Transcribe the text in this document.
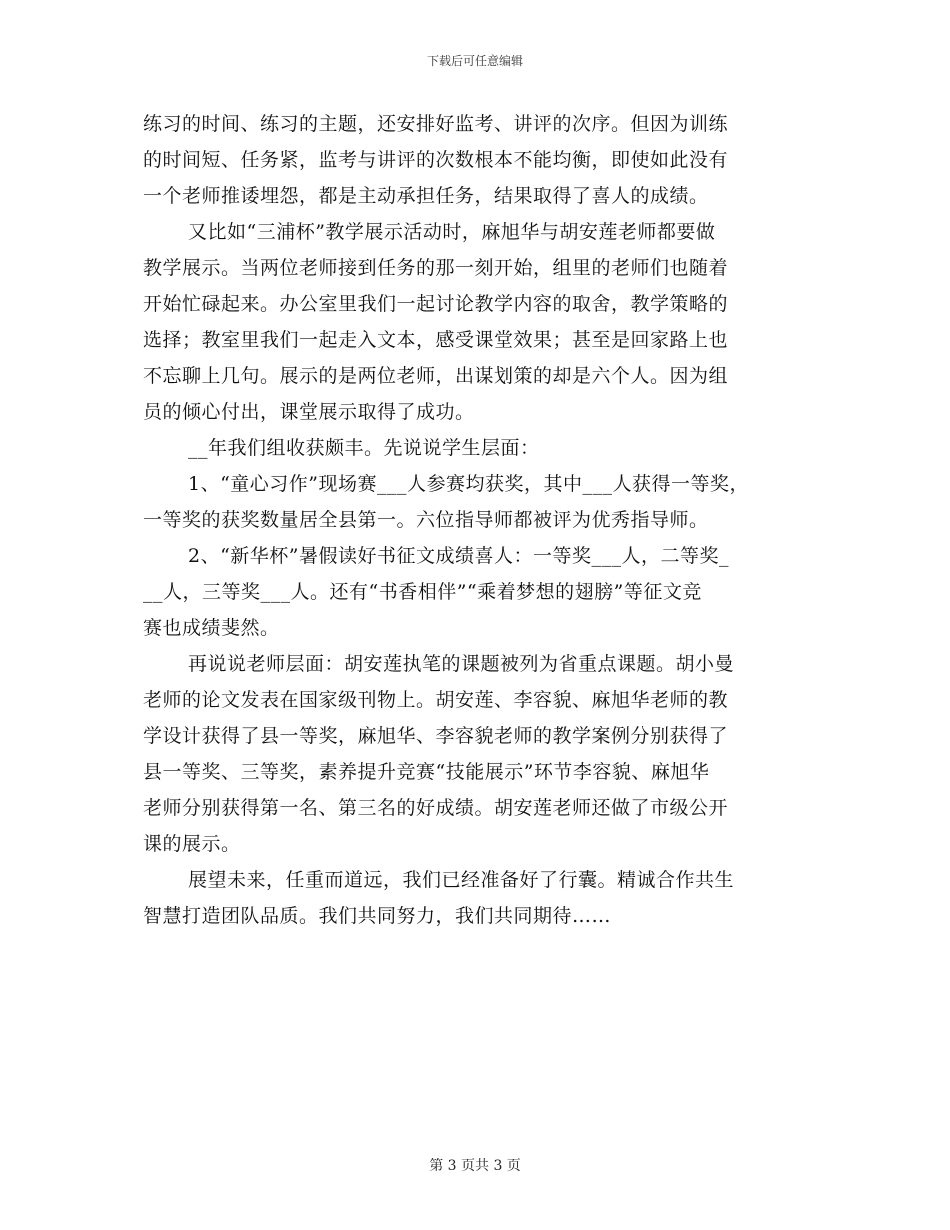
下载后可任意编辑
练习的时间、练习的主题，还安排好监考、讲评的次序。但因为训练
的时间短、任务紧，监考与讲评的次数根本不能均衡，即使如此没有
一个老师推诿埋怨，都是主动承担任务，结果取得了喜人的成绩。
又比如“三浦杯”教学展示活动时，麻旭华与胡安莲老师都要做
教学展示。当两位老师接到任务的那一刻开始，组里的老师们也随着
开始忙碌起来。办公室里我们一起讨论教学内容的取舍，教学策略的
选择；教室里我们一起走入文本，感受课堂效果；甚至是回家路上也
不忘聊上几句。展示的是两位老师，出谋划策的却是六个人。因为组
员的倾心付出，课堂展示取得了成功。
__年我们组收获颇丰。先说说学生层面：
1、“童心习作”现场赛___人参赛均获奖，其中___人获得一等奖，
一等奖的获奖数量居全县第一。六位指导师都被评为优秀指导师。
2、“新华杯”暑假读好书征文成绩喜人：一等奖___人，二等奖_
__人，三等奖___人。还有“书香相伴”“乘着梦想的翅膀”等征文竞
赛也成绩斐然。
再说说老师层面：胡安莲执笔的课题被列为省重点课题。胡小曼
老师的论文发表在国家级刊物上。胡安莲、李容貌、麻旭华老师的教
学设计获得了县一等奖，麻旭华、李容貌老师的教学案例分别获得了
县一等奖、三等奖，素养提升竞赛“技能展示”环节李容貌、麻旭华
老师分别获得第一名、第三名的好成绩。胡安莲老师还做了市级公开
课的展示。
展望未来，任重而道远，我们已经准备好了行囊。精诚合作共生
智慧打造团队品质。我们共同努力，我们共同期待……
第 3 页共 3 页
